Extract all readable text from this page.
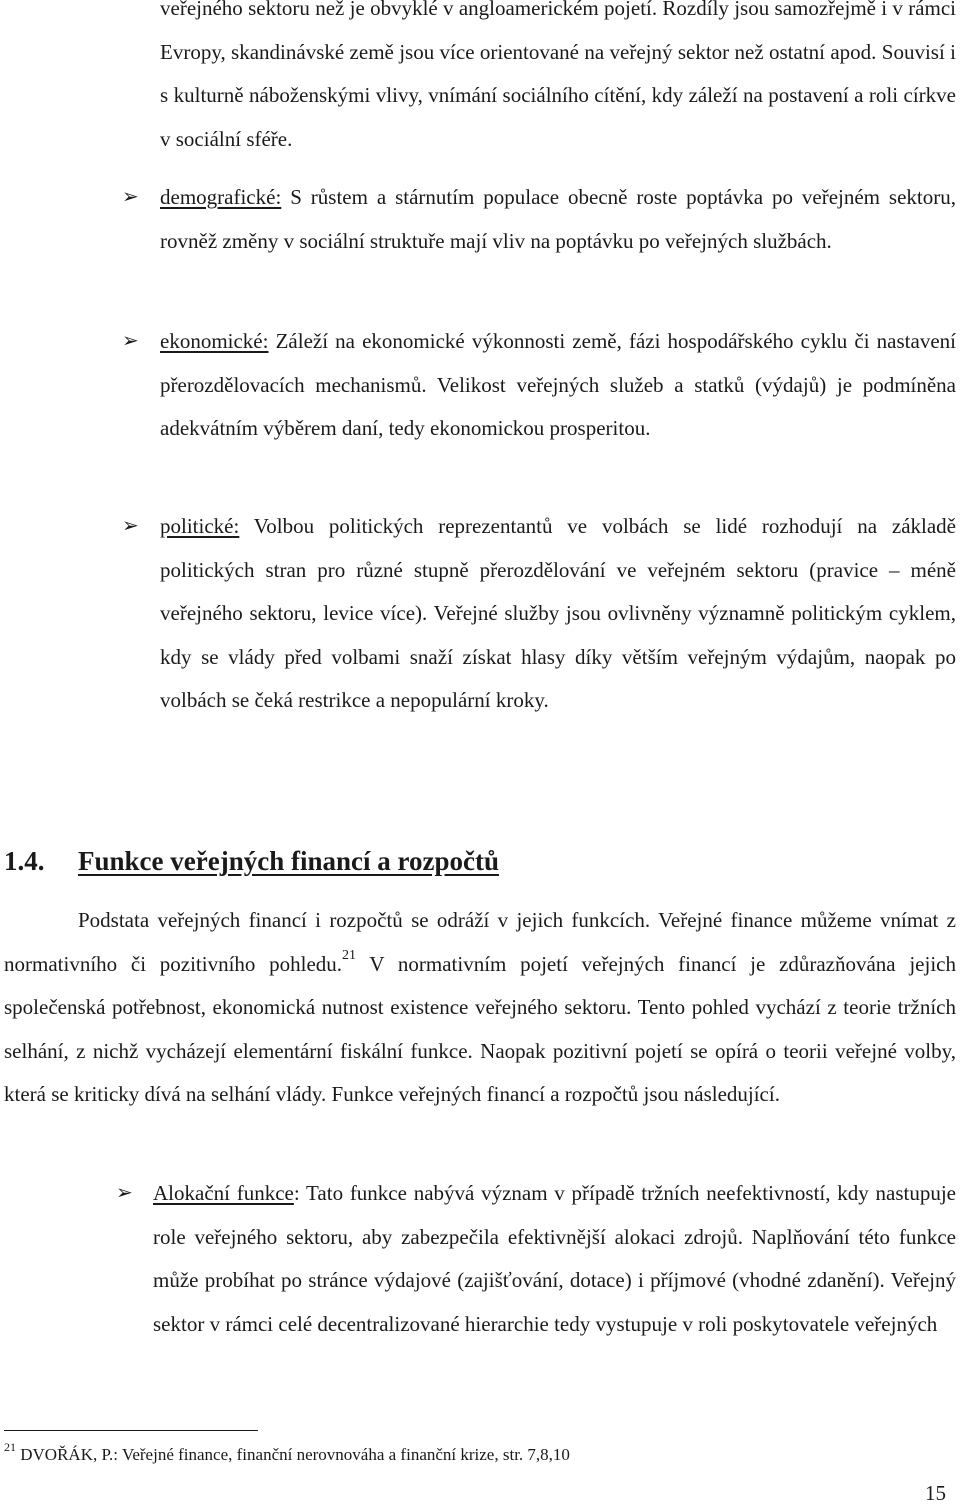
veřejného sektoru než je obvyklé v angloamerickém pojetí. Rozdíly jsou samozřejmě i v rámci Evropy, skandinávské země jsou více orientované na veřejný sektor než ostatní apod. Souvisí i s kulturně náboženskými vlivy, vnímání sociálního cítění, kdy záleží na postavení a roli církve v sociální sféře.

➢ demografické: S růstem a stárnutím populace obecně roste poptávka po veřejném sektoru, rovněž změny v sociální struktuře mají vliv na poptávku po veřejných službách.

➢ ekonomické: Záleží na ekonomické výkonnosti země, fázi hospodářského cyklu či nastavení přerozdělovacích mechanismů. Velikost veřejných služeb a statků (výdajů) je podmíněna adekvátním výběrem daní, tedy ekonomickou prosperitou.

➢ politické: Volbou politických reprezentantů ve volbách se lidé rozhodují na základě politických stran pro různé stupně přerozdělování ve veřejném sektoru (pravice – méně veřejného sektoru, levice více). Veřejné služby jsou ovlivněny významně politickým cyklem, kdy se vlády před volbami snaží získat hlasy díky větším veřejným výdajům, naopak po volbách se čeká restrikce a nepopulární kroky.

1.4. Funkce veřejných financí a rozpočtů

Podstata veřejných financí i rozpočtů se odráží v jejich funkcích. Veřejné finance můžeme vnímat z normativního či pozitivního pohledu.$^{21}$ V normativním pojetí veřejných financí je zdůrazňována jejich společenská potřebnost, ekonomická nutnost existence veřejného sektoru. Tento pohled vychází z teorie tržních selhání, z nichž vycházejí elementární fiskální funkce. Naopak pozitivní pojetí se opírá o teorii veřejné volby, která se kriticky dívá na selhání vlády. Funkce veřejných financí a rozpočtů jsou následující.

➢ Alokační funkce: Tato funkce nabývá význam v případě tržních neefektivností, kdy nastupuje role veřejného sektoru, aby zabezpečila efektivnější alokaci zdrojů. Naplňování této funkce může probíhat po stránce výdajové (zajišťování, dotace) i příjmové (vhodné zdanění). Veřejný sektor v rámci celé decentralizované hierarchie tedy vystupuje v roli poskytovatele veřejných

$^{21}$ DVOŘÁK, P.: Veřejné finance, finanční nerovnováha a finanční krize, str. 7,8,10
15
